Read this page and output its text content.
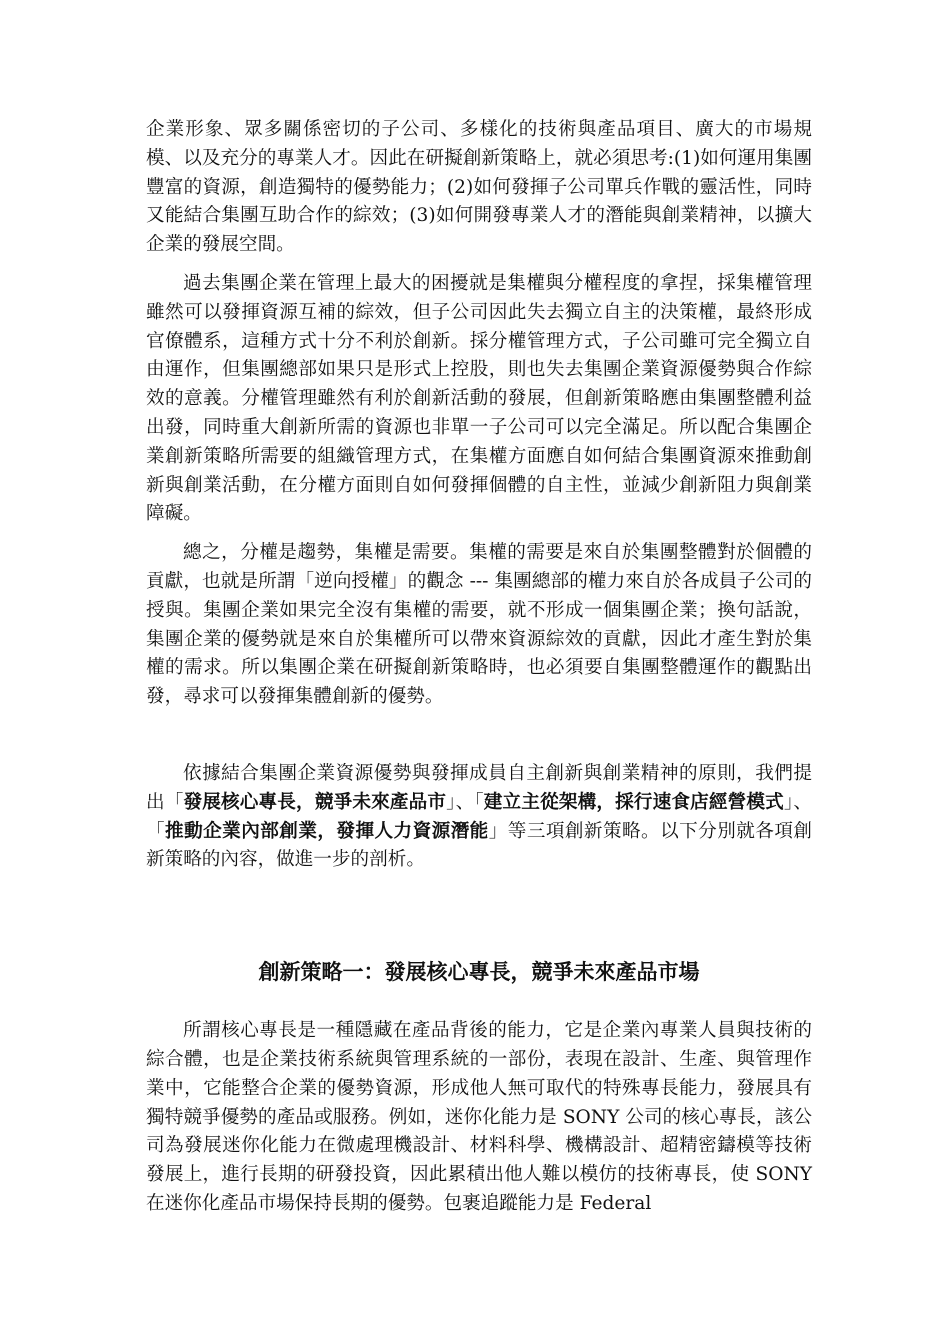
企業形象、眾多關係密切的子公司、多樣化的技術與產品項目、廣大的市場規模、以及充分的專業人才。因此在研擬創新策略上，就必須思考:(1)如何運用集團豐富的資源，創造獨特的優勢能力；(2)如何發揮子公司單兵作戰的靈活性，同時又能結合集團互助合作的綜效；(3)如何開發專業人才的潛能與創業精神，以擴大企業的發展空間。

過去集團企業在管理上最大的困擾就是集權與分權程度的拿捏，採集權管理雖然可以發揮資源互補的綜效，但子公司因此失去獨立自主的決策權，最終形成官僚體系，這種方式十分不利於創新。採分權管理方式，子公司雖可完全獨立自由運作，但集團總部如果只是形式上控股，則也失去集團企業資源優勢與合作綜效的意義。分權管理雖然有利於創新活動的發展，但創新策略應由集團整體利益出發，同時重大創新所需的資源也非單一子公司可以完全滿足。所以配合集團企業創新策略所需要的組織管理方式，在集權方面應自如何結合集團資源來推動創新與創業活動，在分權方面則自如何發揮個體的自主性，並減少創新阻力與創業障礙。

總之，分權是趨勢，集權是需要。集權的需要是來自於集團整體對於個體的貢獻，也就是所謂「逆向授權」的觀念 --- 集團總部的權力來自於各成員子公司的授與。集團企業如果完全沒有集權的需要，就不形成一個集團企業；換句話說，集團企業的優勢就是來自於集權所可以帶來資源綜效的貢獻，因此才產生對於集權的需求。所以集團企業在研擬創新策略時，也必須要自集團整體運作的觀點出發，尋求可以發揮集體創新的優勢。

依據結合集團企業資源優勢與發揮成員自主創新與創業精神的原則，我們提出「發展核心專長，競爭未來產品市」、「建立主從架構，採行速食店經營模式」、「推動企業內部創業，發揮人力資源潛能」等三項創新策略。以下分別就各項創新策略的內容，做進一步的剖析。

創新策略一：發展核心專長，競爭未來產品市場

所謂核心專長是一種隱藏在產品背後的能力，它是企業內專業人員與技術的綜合體，也是企業技術系統與管理系統的一部份，表現在設計、生產、與管理作業中，它能整合企業的優勢資源，形成他人無可取代的特殊專長能力，發展具有獨特競爭優勢的產品或服務。例如，迷你化能力是 SONY 公司的核心專長，該公司為發展迷你化能力在微處理機設計、材料科學、機構設計、超精密鑄模等技術發展上，進行長期的研發投資，因此累積出他人難以模仿的技術專長，使 SONY 在迷你化產品市場保持長期的優勢。包裹追蹤能力是 Federal
